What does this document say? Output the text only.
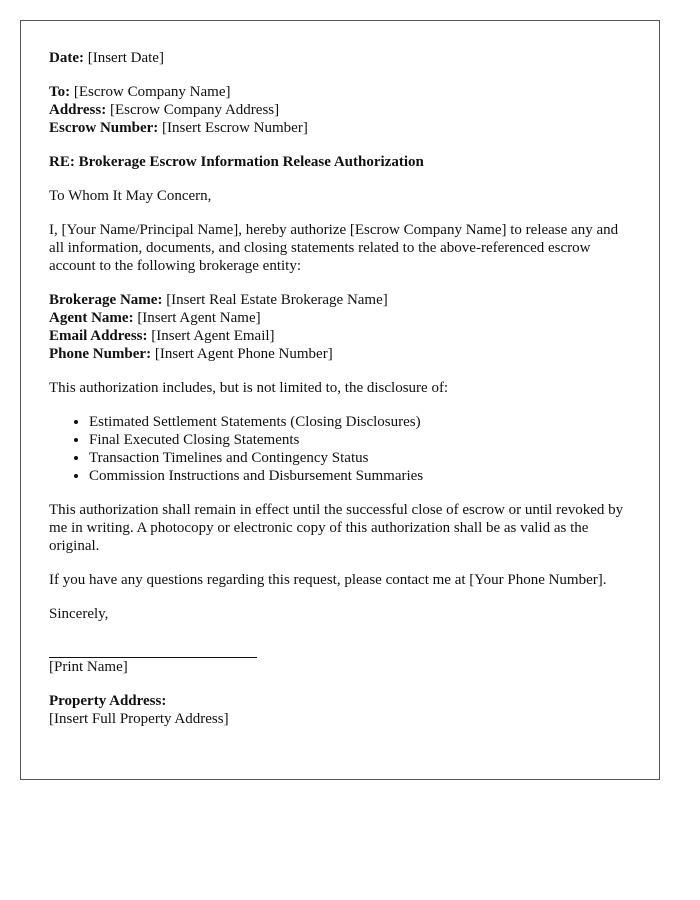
Date: [Insert Date]
To: [Escrow Company Name]
Address: [Escrow Company Address]
Escrow Number: [Insert Escrow Number]
RE: Brokerage Escrow Information Release Authorization
To Whom It May Concern,
I, [Your Name/Principal Name], hereby authorize [Escrow Company Name] to release any and all information, documents, and closing statements related to the above-referenced escrow account to the following brokerage entity:
Brokerage Name: [Insert Real Estate Brokerage Name]
Agent Name: [Insert Agent Name]
Email Address: [Insert Agent Email]
Phone Number: [Insert Agent Phone Number]
This authorization includes, but is not limited to, the disclosure of:
• Estimated Settlement Statements (Closing Disclosures)
• Final Executed Closing Statements
• Transaction Timelines and Contingency Status
• Commission Instructions and Disbursement Summaries
This authorization shall remain in effect until the successful close of escrow or until revoked by me in writing. A photocopy or electronic copy of this authorization shall be as valid as the original.
If you have any questions regarding this request, please contact me at [Your Phone Number].
Sincerely,
[Print Name]
Property Address:
[Insert Full Property Address]
